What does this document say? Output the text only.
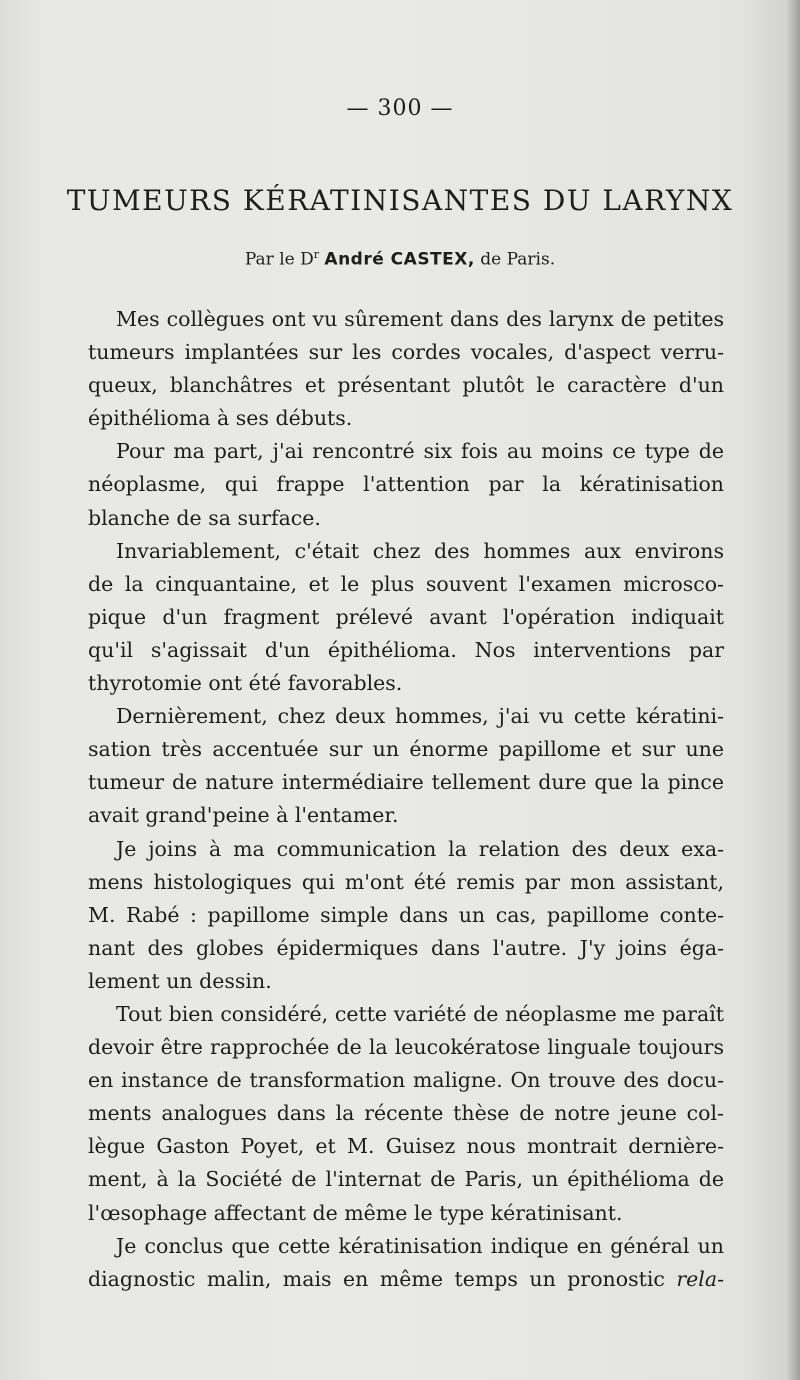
— 300 —
TUMEURS KÉRATINISANTES DU LARYNX
Par le $D^r$ André CASTEX, de Paris.
Mes collègues ont vu sûrement dans des larynx de petites
tumeurs implantées sur les cordes vocales, d'aspect verru-
queux, blanchâtres et présentant plutôt le caractère d'un
épithélioma à ses débuts.
Pour ma part, j'ai rencontré six fois au moins ce type de
néoplasme, qui frappe l'attention par la kératinisation
blanche de sa surface.
Invariablement, c'était chez des hommes aux environs
de la cinquantaine, et le plus souvent l'examen microsco-
pique d'un fragment prélevé avant l'opération indiquait
qu'il s'agissait d'un épithélioma. Nos interventions par
thyrotomie ont été favorables.
Dernièrement, chez deux hommes, j'ai vu cette kératini-
sation très accentuée sur un énorme papillome et sur une
tumeur de nature intermédiaire tellement dure que la pince
avait grand'peine à l'entamer.
Je joins à ma communication la relation des deux exa-
mens histologiques qui m'ont été remis par mon assistant,
M. Rabé : papillome simple dans un cas, papillome conte-
nant des globes épidermiques dans l'autre. J'y joins éga-
lement un dessin.
Tout bien considéré, cette variété de néoplasme me paraît
devoir être rapprochée de la leucokératose linguale toujours
en instance de transformation maligne. On trouve des docu-
ments analogues dans la récente thèse de notre jeune col-
lègue Gaston Poyet, et M. Guisez nous montrait dernière-
ment, à la Société de l'internat de Paris, un épithélioma de
l'œsophage affectant de même le type kératinisant.
Je conclus que cette kératinisation indique en général un
diagnostic malin, mais en même temps un pronostic rela-
